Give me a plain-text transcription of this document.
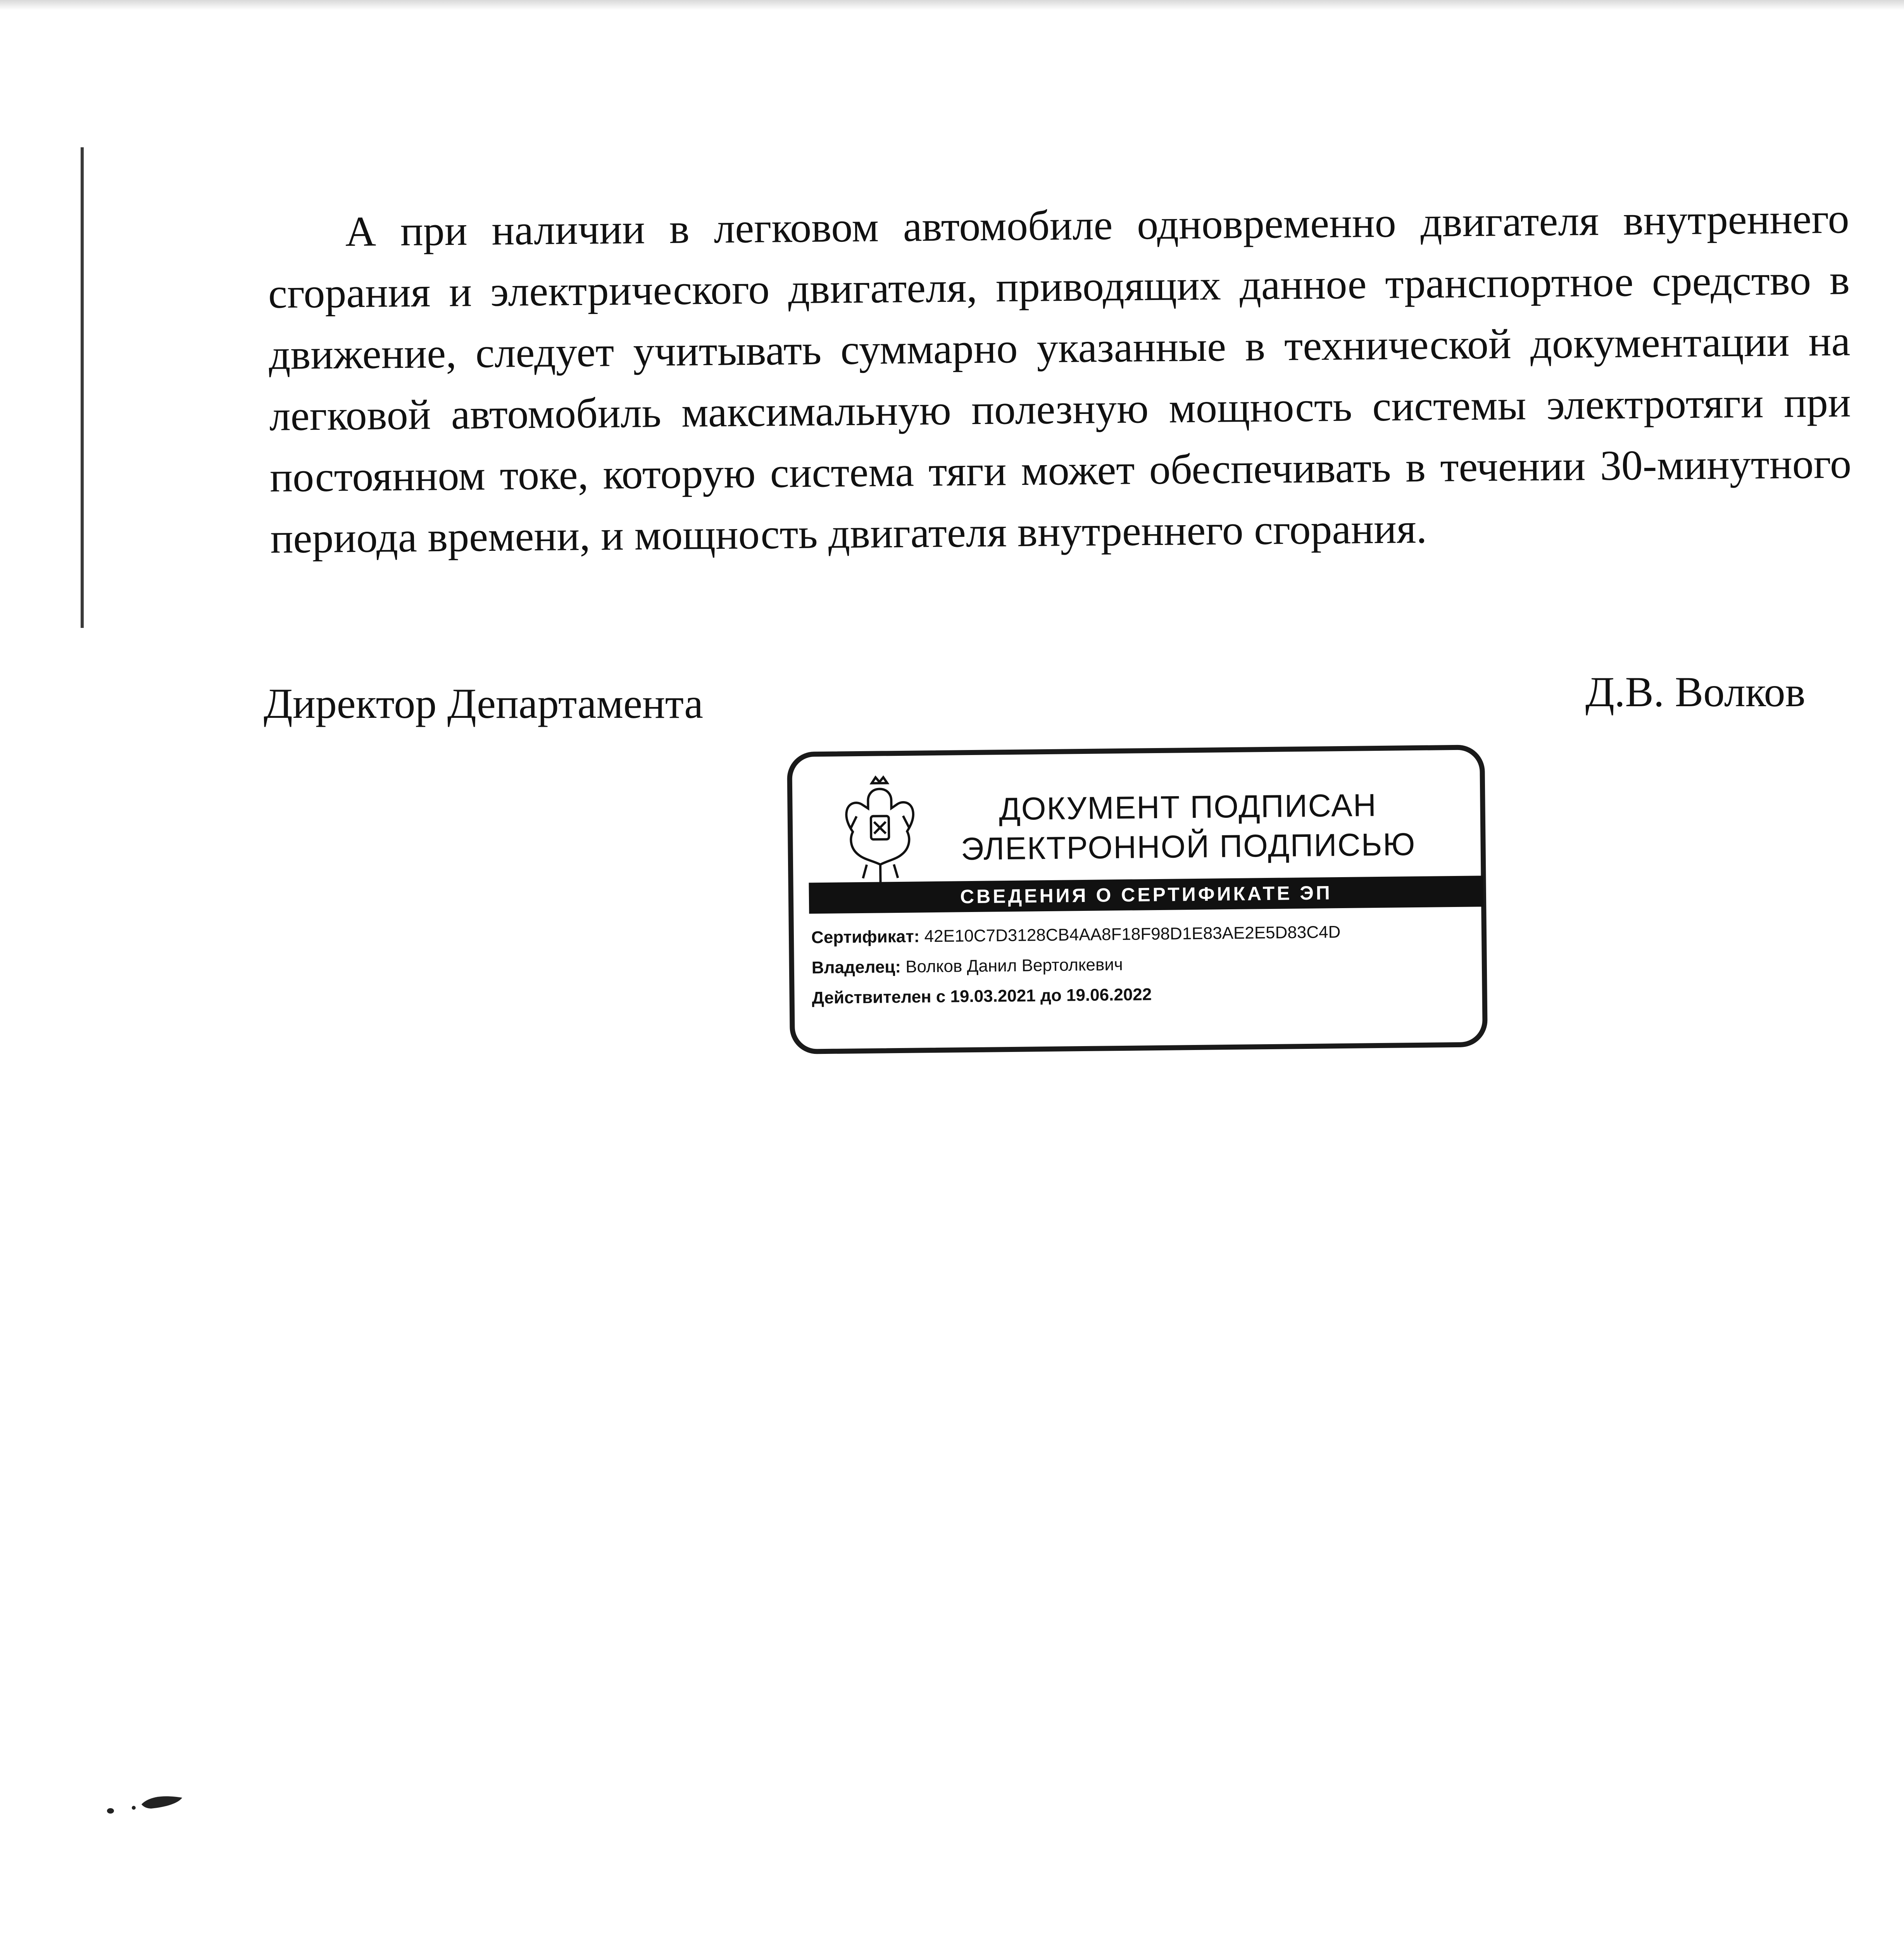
А при наличии в легковом автомобиле одновременно двигателя внутреннего сгорания и электрического двигателя, приводящих данное транспортное средство в движение, следует учитывать суммарно указанные в технической документации на легковой автомобиль максимальную полезную мощность системы электротяги при постоянном токе, которую система тяги может обеспечивать в течении 30-минутного периода времени, и мощность двигателя внутреннего сгорания.

Директор Департамента	Д.В. Волков
ДОКУМЕНТ ПОДПИСАН
ЭЛЕКТРОННОЙ ПОДПИСЬЮ
СВЕДЕНИЯ О СЕРТИФИКАТЕ ЭП
Сертификат: 42E10C7D3128CB4AA8F18F98D1E83AE2E5D83C4D
Владелец: Волков Данил Вертолкевич
Действителен с 19.03.2021 до 19.06.2022
